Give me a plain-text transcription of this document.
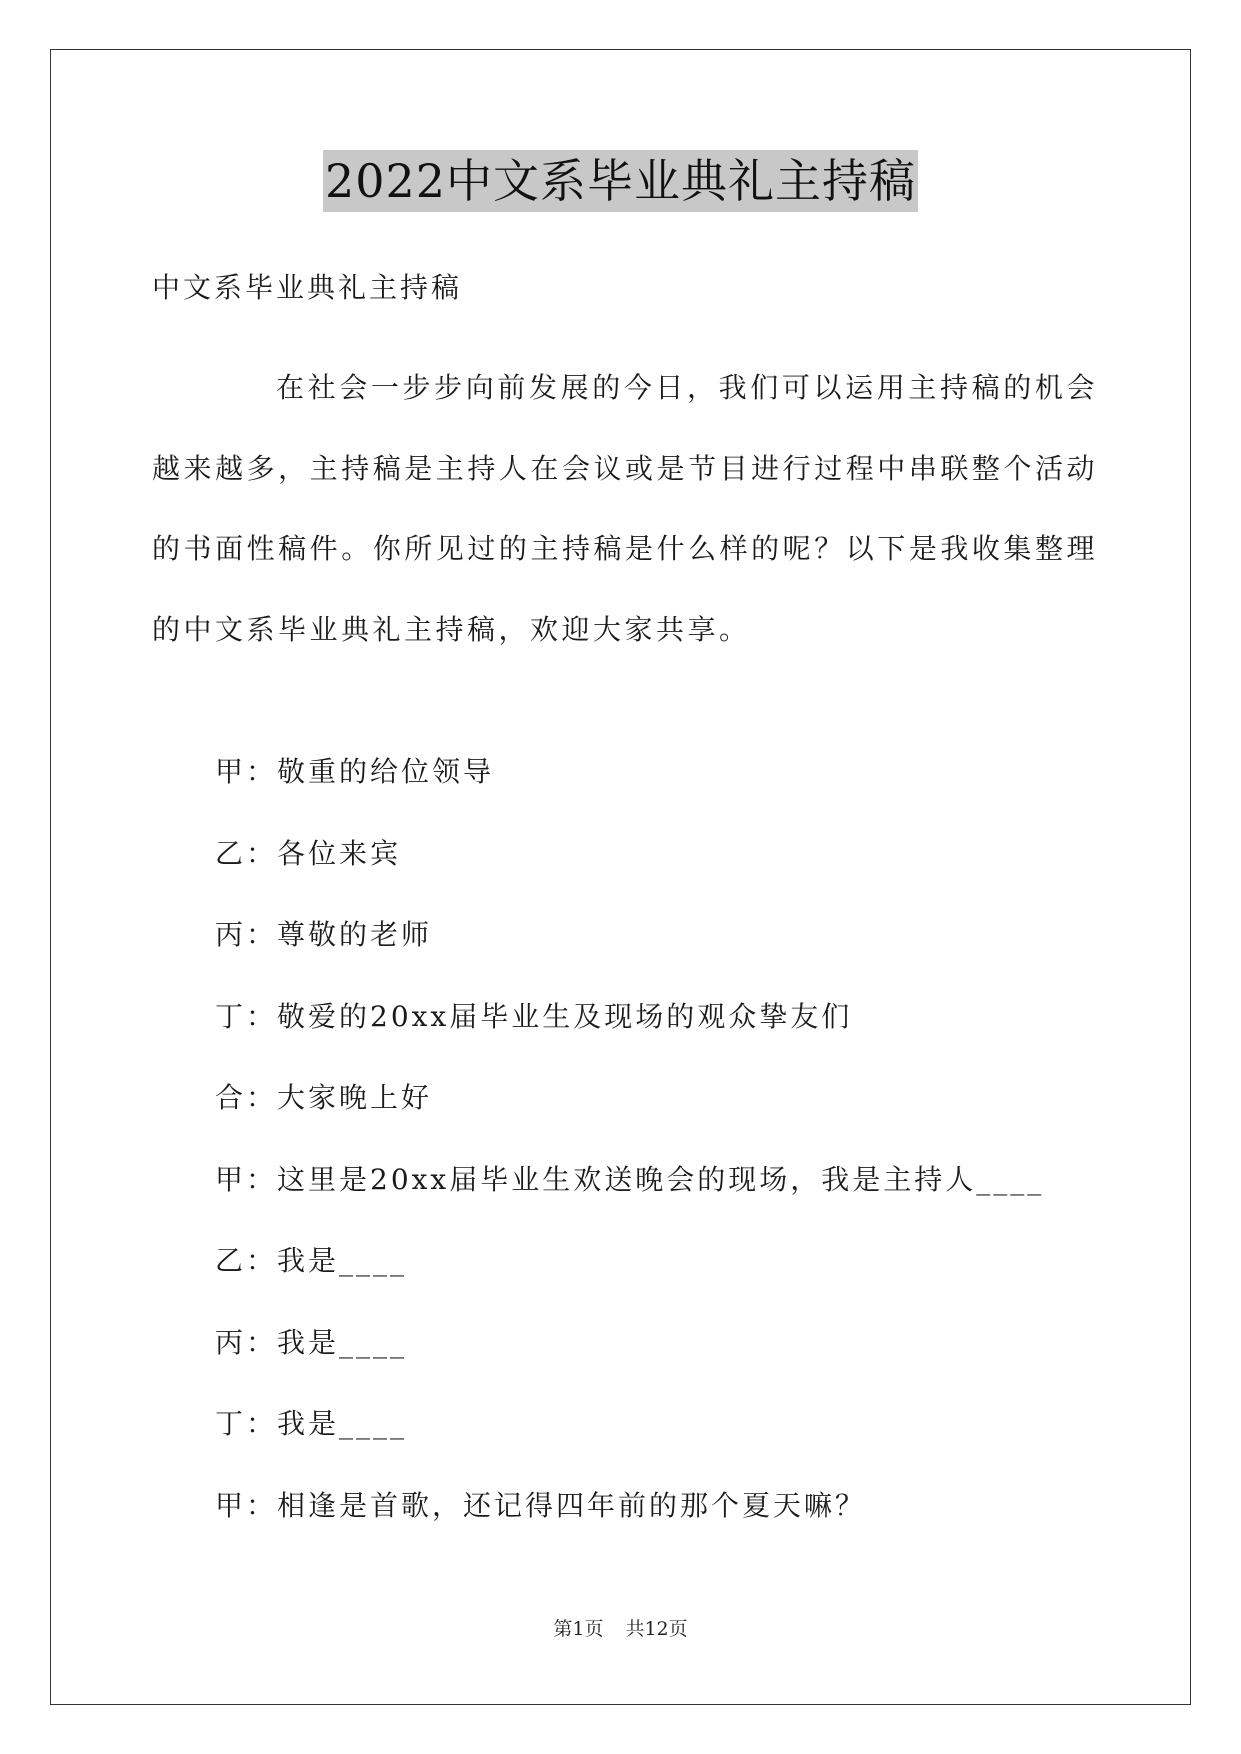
2022中文系毕业典礼主持稿
中文系毕业典礼主持稿

在社会一步步向前发展的今日，我们可以运用主持稿的机会越来越多，主持稿是主持人在会议或是节目进行过程中串联整个活动的书面性稿件。你所见过的主持稿是什么样的呢？以下是我收集整理的中文系毕业典礼主持稿，欢迎大家共享。

甲：敬重的给位领导
乙：各位来宾
丙：尊敬的老师
丁：敬爱的20xx届毕业生及现场的观众挚友们
合：大家晚上好
甲：这里是20xx届毕业生欢送晚会的现场，我是主持人____
乙：我是____
丙：我是____
丁：我是____
甲：相逢是首歌，还记得四年前的那个夏天嘛？
第1页 共12页
